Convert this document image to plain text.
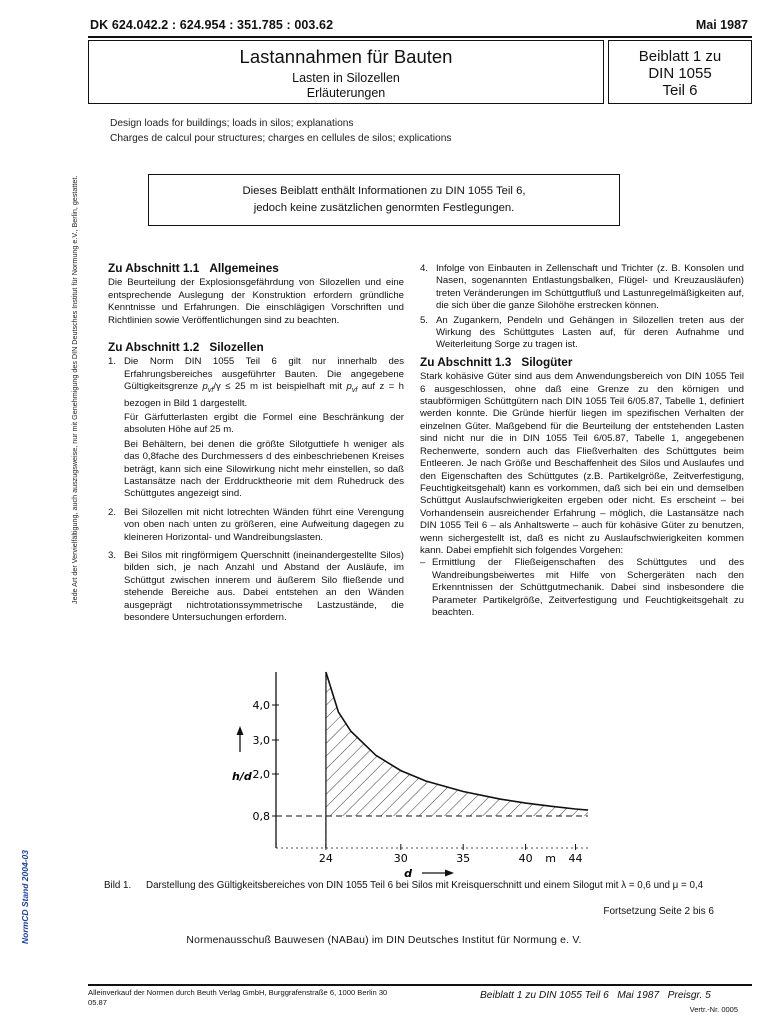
DK 624.042.2 : 624.954 : 351.785 : 003.62	Mai 1987
Lastannahmen für Bauten
Lasten in Silozellen
Erläuterungen
Beiblatt 1 zu
DIN 1055
Teil 6
Design loads for buildings; loads in silos; explanations
Charges de calcul pour structures; charges en cellules de silos; explications
Dieses Beiblatt enthält Informationen zu DIN 1055 Teil 6,
jedoch keine zusätzlichen genormten Festlegungen.
Zu Abschnitt 1.1 Allgemeines

Die Beurteilung der Explosionsgefährdung von Silozellen und eine entsprechende Auslegung der Konstruktion erfordern gründliche Kenntnisse und Erfahrungen. Die einschlägigen Vorschriften und Richtlinien sowie Veröffentlichungen sind zu beachten.

Zu Abschnitt 1.2 Silozellen
1. Die Norm DIN 1055 Teil 6 gilt nur innerhalb des Erfahrungsbereiches ausgeführter Bauten. Die angegebene Gültigkeitsgrenze $p_{vf}/\gamma \le 25$ m ist beispielhaft mit $p_{vf}$ auf z = h bezogen in Bild 1 dargestellt.

Für Gärfutterlasten ergibt die Formel eine Beschränkung der absoluten Höhe auf 25 m.

Bei Behältern, bei denen die größte Silotguttiefe h weniger als das 0,8fache des Durchmessers d des einbeschriebenen Kreises beträgt, kann sich eine Silowirkung nicht mehr einstellen, so daß Lastansätze nach der Erddrucktheorie mit dem Ruhedruck des Schüttgutes angezeigt sind.

2. Bei Silozellen mit nicht lotrechten Wänden führt eine Verengung von oben nach unten zu größeren, eine Aufweitung dagegen zu kleineren Horizontal- und Wandreibungslasten.

3. Bei Silos mit ringförmigem Querschnitt (ineinandergestellte Silos) bilden sich, je nach Anzahl und Abstand der Ausläufe, im Schüttgut zwischen innerem und äußerem Silo fließende und stehende Bereiche aus. Dabei entstehen an den Wänden ausgeprägt nichtrotationssymmetrische Lastzustände, die besondere Untersuchungen erfordern.

4. Infolge von Einbauten in Zellenschaft und Trichter (z. B. Konsolen und Nasen, sogenannten Entlastungsbalken, Flügel- und Kreuzausläufen) treten Veränderungen im Schüttgutfluß und Lastunregelmäßigkeiten auf, die sich über die ganze Silohöhe erstrecken können.

5. An Zugankern, Pendeln und Gehängen in Silozellen treten aus der Wirkung des Schüttgutes Lasten auf, für deren Aufnahme und Weiterleitung Sorge zu tragen ist.

Zu Abschnitt 1.3 Silogüter

Stark kohäsive Güter sind aus dem Anwendungsbereich von DIN 1055 Teil 6 ausgeschlossen, ohne daß eine Grenze zu den körnigen und staubförmigen Schüttgütern nach DIN 1055 Teil 6/05.87, Tabelle 1, definiert werden konnte. Die Gründe hierfür liegen im spezifischen Verhalten der einzelnen Güter. Maßgebend für die Beurteilung der entstehenden Lasten sind nicht nur die in DIN 1055 Teil 6/05.87, Tabelle 1, angegebenen Rechenwerte, sondern auch das Fließverhalten des Schüttgutes beim Entleeren. Je nach Größe und Beschaffenheit des Silos und Auslaufes und den Eigenschaften des Schüttgutes (z.B. Partikelgröße, Zeitverfestigung, Feuchtigkeitsgehalt) kann es vorkommen, daß sich bei ein und demselben Schüttgut Auslaufschwierigkeiten ergeben oder nicht. Es erscheint – bei Vorhandensein ausreichender Erfahrung – möglich, die Lastansätze nach DIN 1055 Teil 6 – als Anhaltswerte – auch für kohäsive Güter zu benutzen, wenn sichergestellt ist, daß es nicht zu Auslaufschwierigkeiten kommen kann. Dabei empfiehlt sich folgendes Vorgehen:

– Ermittlung der Fließeigenschaften des Schüttgutes und des Wandreibungsbeiwertes mit Hilfe von Schergeräten nach den Erkenntnissen der Schüttgutmechanik. Dabei sind insbesondere die Parameter Partikelgröße, Zeitverfestigung und Feuchtigkeitsgehalt zu beachten.

0,8
2,0
3,0
4,0
24	30	35	40	44
m
h/d
d
Bild 1. Darstellung des Gültigkeitsbereiches von DIN 1055 Teil 6 bei Silos mit Kreisquerschnitt und einem Silogut mit λ = 0,6 und μ = 0,4
Fortsetzung Seite 2 bis 6
Normenausschuß Bauwesen (NABau) im DIN Deutsches Institut für Normung e. V.
Alleinverkauf der Normen durch Beuth Verlag GmbH, Burggrafenstraße 6, 1000 Berlin 30
05.87
Beiblatt 1 zu DIN 1055 Teil 6   Mai 1987   Preisgr. 5
Vertr.-Nr. 0005
Jede Art der Vervielfältigung, auch auszugsweise, nur mit Genehmigung des DIN Deutsches Institut für Normung e.V., Berlin, gestattet.
NormCD Stand 2004-03
